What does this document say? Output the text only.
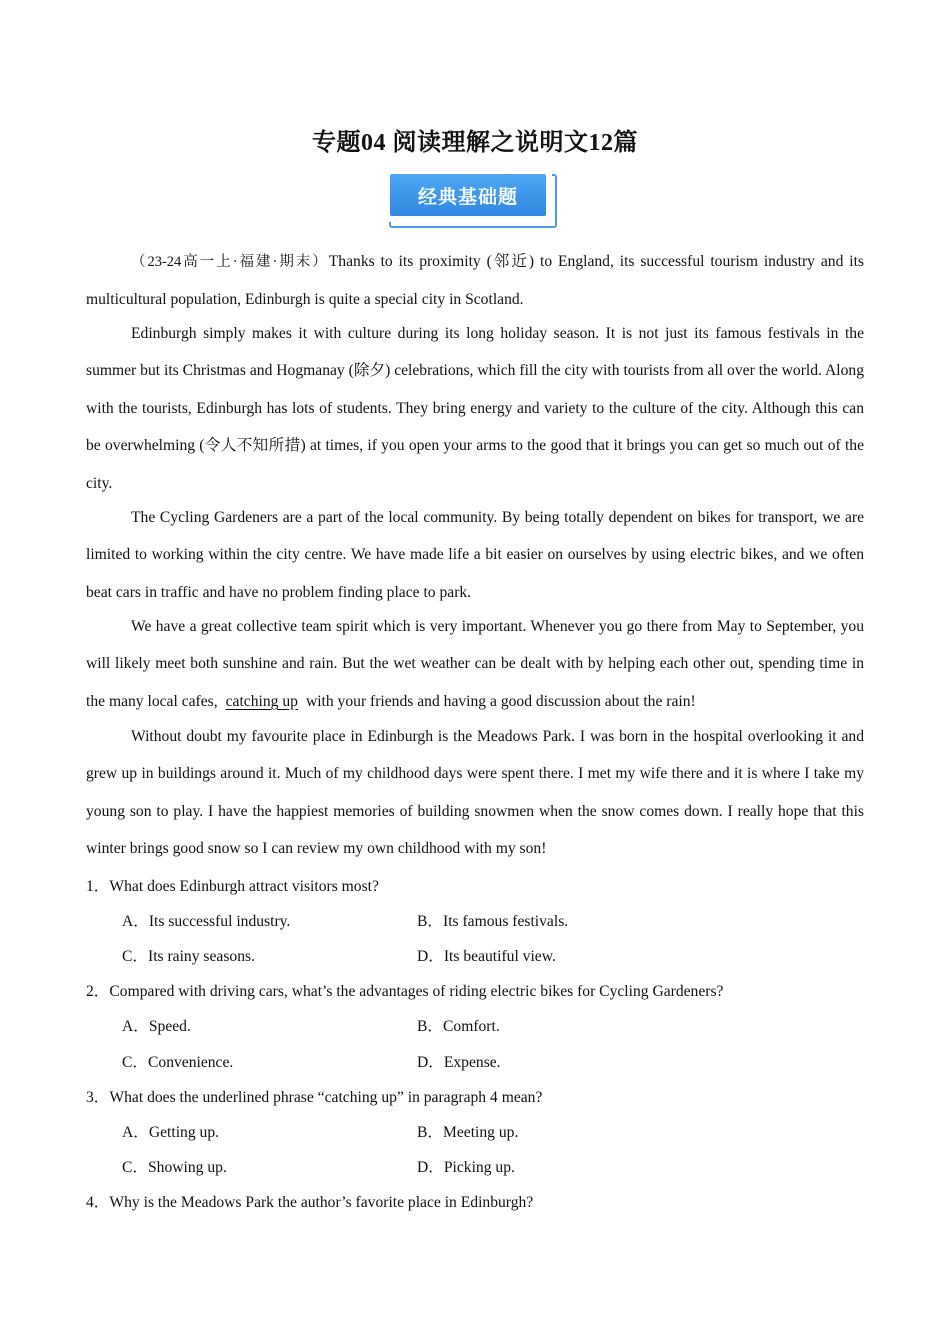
专题04 阅读理解之说明文12篇
经典基础题

（23-24高一上·福建·期末）Thanks to its proximity (邻近) to England, its successful tourism industry and its multicultural population, Edinburgh is quite a special city in Scotland.

Edinburgh simply makes it with culture during its long holiday season. It is not just its famous festivals in the summer but its Christmas and Hogmanay (除夕) celebrations, which fill the city with tourists from all over the world. Along with the tourists, Edinburgh has lots of students. They bring energy and variety to the culture of the city. Although this can be overwhelming (令人不知所措) at times, if you open your arms to the good that it brings you can get so much out of the city.

The Cycling Gardeners are a part of the local community. By being totally dependent on bikes for transport, we are limited to working within the city centre. We have made life a bit easier on ourselves by using electric bikes, and we often beat cars in traffic and have no problem finding place to park.

We have a great collective team spirit which is very important. Whenever you go there from May to September, you will likely meet both sunshine and rain. But the wet weather can be dealt with by helping each other out, spending time in the many local cafes, catching up with your friends and having a good discussion about the rain!

Without doubt my favourite place in Edinburgh is the Meadows Park. I was born in the hospital overlooking it and grew up in buildings around it. Much of my childhood days were spent there. I met my wife there and it is where I take my young son to play. I have the happiest memories of building snowmen when the snow comes down. I really hope that this winter brings good snow so I can review my own childhood with my son!

1．What does Edinburgh attract visitors most?
A．Its successful industry.	B．Its famous festivals.
C．Its rainy seasons.	D．Its beautiful view.
2．Compared with driving cars, what’s the advantages of riding electric bikes for Cycling Gardeners?
A．Speed.	B．Comfort.
C．Convenience.	D．Expense.
3．What does the underlined phrase “catching up” in paragraph 4 mean?
A．Getting up.	B．Meeting up.
C．Showing up.	D．Picking up.
4．Why is the Meadows Park the author’s favorite place in Edinburgh?
